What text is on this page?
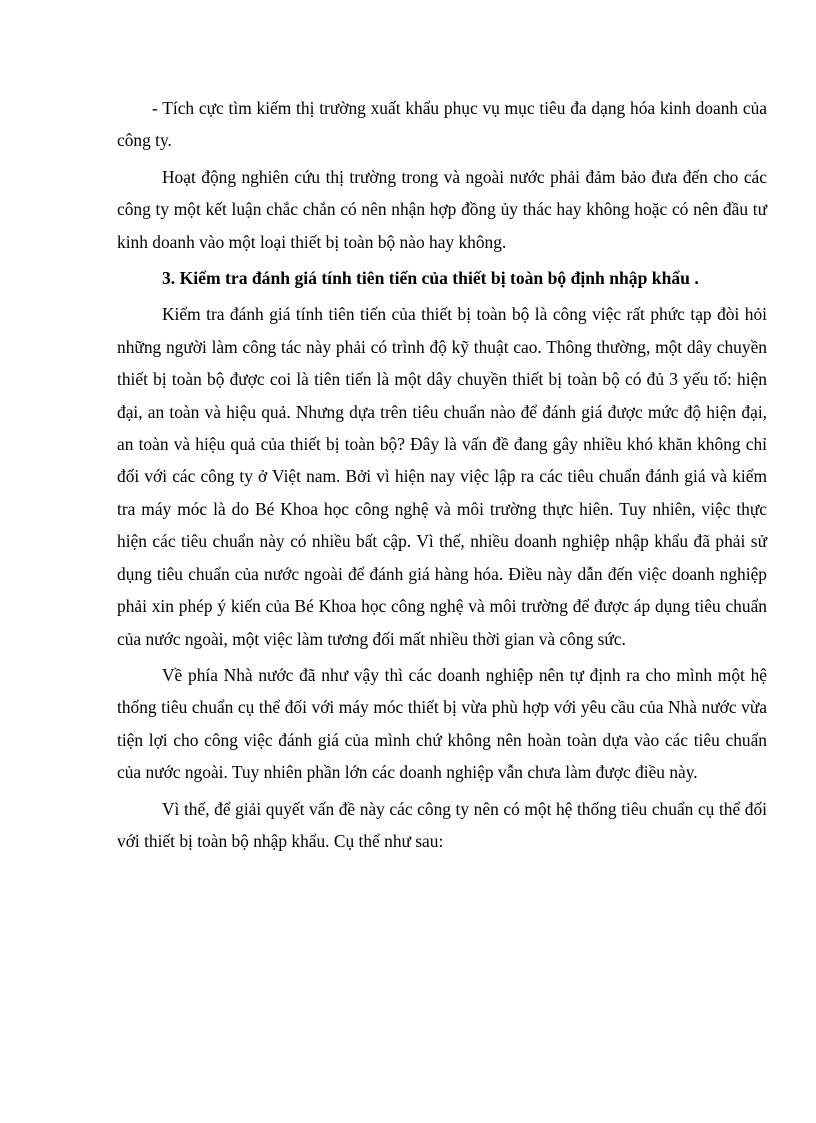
- Tích cực tìm kiếm thị trường xuất khẩu phục vụ mục tiêu đa dạng hóa kinh doanh của công ty.

Hoạt động nghiên cứu thị trường trong và ngoài nước phải đảm bảo đưa đến cho các công ty một kết luận chắc chắn có nên nhận hợp đồng ủy thác hay không hoặc có nên đầu tư kinh doanh vào một loại thiết bị toàn bộ nào hay không.

3. Kiểm tra đánh giá tính tiên tiến của thiết bị toàn bộ định nhập khẩu .

Kiểm tra đánh giá tính tiên tiến của thiết bị toàn bộ là công việc rất phức tạp đòi hỏi những người làm công tác này phải có trình độ kỹ thuật cao. Thông thường, một dây chuyền thiết bị toàn bộ được coi là tiên tiến là một dây chuyền thiết bị toàn bộ có đủ 3 yếu tố: hiện đại, an toàn và hiệu quả. Nhưng dựa trên tiêu chuẩn nào để đánh giá được mức độ hiện đại, an toàn và hiệu quả của thiết bị toàn bộ? Đây là vấn đề đang gây nhiều khó khăn không chỉ đối với các công ty ở Việt nam. Bởi vì hiện nay việc lập ra các tiêu chuẩn đánh giá và kiểm tra máy móc là do Bé Khoa học công nghệ và môi trường thực hiên. Tuy nhiên, việc thực hiện các tiêu chuẩn này có nhiều bất cập. Vì thế, nhiều doanh nghiệp nhập khẩu đã phải sử dụng tiêu chuẩn của nước ngoài để đánh giá hàng hóa. Điều này dẫn đến việc doanh nghiệp phải xin phép ý kiến của Bé Khoa học công nghệ và môi trường để được áp dụng tiêu chuẩn của nước ngoài, một việc làm tương đối mất nhiều thời gian và công sức.

Về phía Nhà nước đã như vậy thì các doanh nghiệp nên tự định ra cho mình một hệ thống tiêu chuẩn cụ thể đối với máy móc thiết bị vừa phù hợp với yêu cầu của Nhà nước vừa tiện lợi cho công việc đánh giá của mình chứ không nên hoàn toàn dựa vào các tiêu chuẩn của nước ngoài. Tuy nhiên phần lớn các doanh nghiệp vẫn chưa làm được điều này.

Vì thế, để giải quyết vấn đề này các công ty nên có một hệ thống tiêu chuẩn cụ thể đối với thiết bị toàn bộ nhập khẩu. Cụ thể như sau:
